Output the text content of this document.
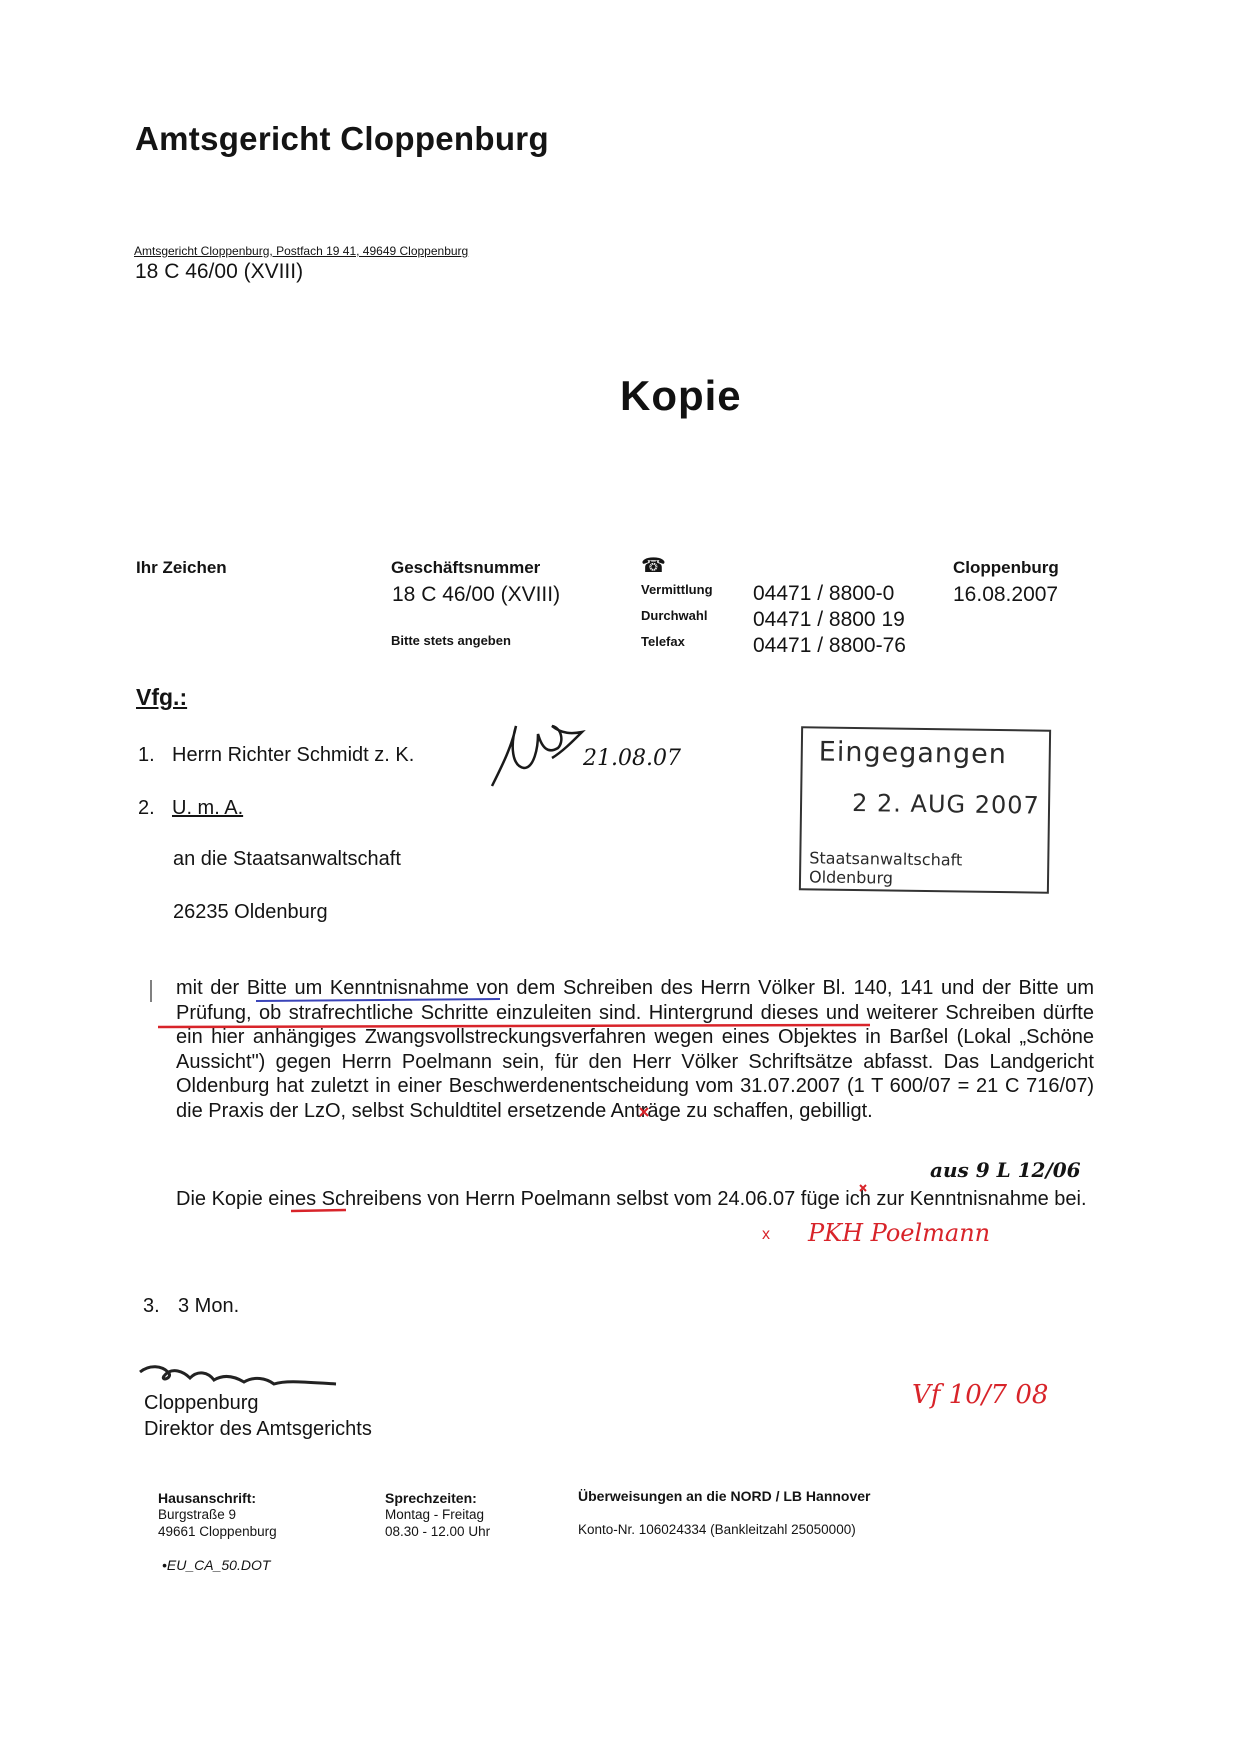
Amtsgericht Cloppenburg
Amtsgericht Cloppenburg, Postfach 19 41, 49649 Cloppenburg
18 C 46/00 (XVIII)
Kopie
Ihr Zeichen	Geschäftsnummer
18 C 46/00 (XVIII)
Bitte stets angeben
☎
Vermittlung 04471 / 8800-0
Durchwahl 04471 / 8800 19
Telefax	04471 / 8800-76
Cloppenburg
16.08.2007
Vfg.:
1. Herrn Richter Schmidt z. K.	21.08.07
2. U. m. A.
an die Staatsanwaltschaft
26235 Oldenburg
Eingegangen
2 2. AUG 2007
Staatsanwaltschaft Oldenburg
mit der Bitte um Kenntnisnahme von dem Schreiben des Herrn Völker Bl. 140, 141 und der Bitte um Prüfung, ob strafrechtliche Schritte einzuleiten sind. Hintergrund dieses und weiterer Schreiben dürfte ein hier anhängiges Zwangsvollstreckungsverfahren wegen eines Objektes in Barßel (Lokal „Schöne Aussicht") gegen Herrn Poelmann sein, für den Herr Völker Schriftsätze abfasst. Das Landgericht Oldenburg hat zuletzt in einer Beschwerdenentscheidung vom 31.07.2007 (1 T 600/07 = 21 C 716/07) die Praxis der LzO, selbst Schuldtitel ersetzende Anträge zu schaffen, gebilligt.
aus 9 L 12/06
Die Kopie eines Schreibens von Herrn Poelmann selbst vom 24.06.07 füge ich zur Kenntnisnahme bei.
x PKH Poelmann
3. 3 Mon.
Vf 10/7 08
Cloppenburg
Direktor des Amtsgerichts
Hausanschrift:
Burgstraße 9
49661 Cloppenburg
Sprechzeiten:
Montag - Freitag
08.30 - 12.00 Uhr
Überweisungen an die NORD / LB Hannover
Konto-Nr. 106024334 (Bankleitzahl 25050000)
•EU_CA_50.DOT
